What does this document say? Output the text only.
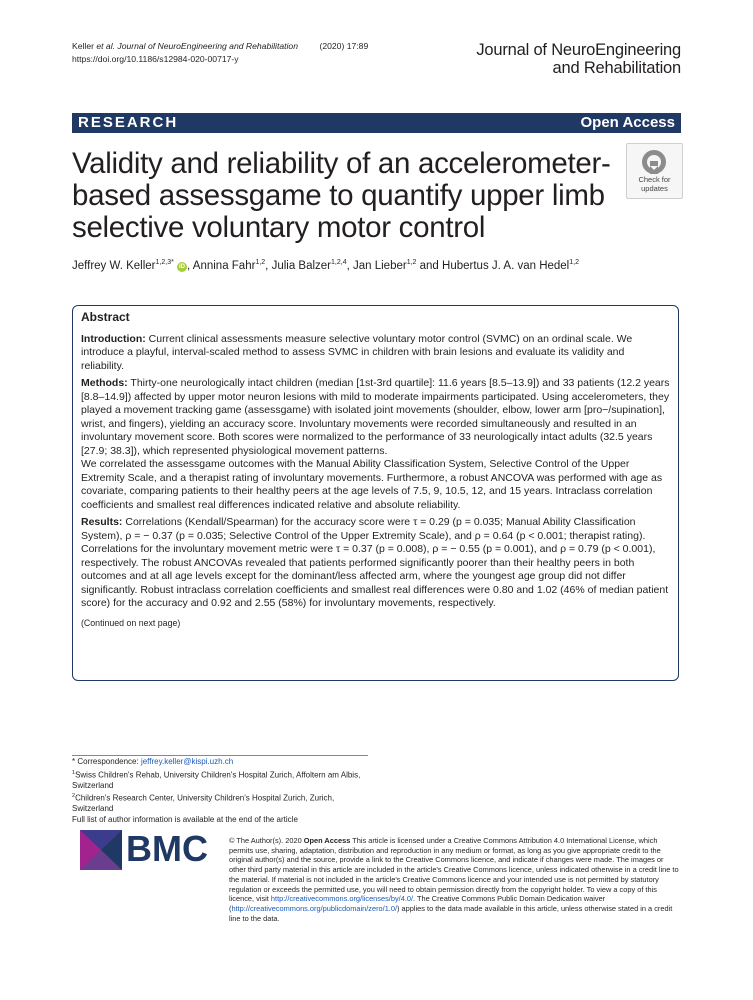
Keller et al. Journal of NeuroEngineering and Rehabilitation	(2020) 17:89
https://doi.org/10.1186/s12984-020-00717-y	Journal of NeuroEngineering
and Rehabilitation
RESEARCH	Open Access
Validity and reliability of an accelerometer-based assessgame to quantify upper limb selective voluntary motor control
Check for
updates
Jeffrey W. Keller$^{1,2,3*}$ iD , Annina Fahr$^{1,2}$, Julia Balzer$^{1,2,4}$, Jan Lieber$^{1,2}$ and Hubertus J. A. van Hedel$^{1,2}$
Abstract

Introduction: Current clinical assessments measure selective voluntary motor control (SVMC) on an ordinal scale. We introduce a playful, interval-scaled method to assess SVMC in children with brain lesions and evaluate its validity and reliability.

Methods: Thirty-one neurologically intact children (median [1st-3rd quartile]: 11.6 years [8.5–13.9]) and 33 patients (12.2 years [8.8–14.9]) affected by upper motor neuron lesions with mild to moderate impairments participated. Using accelerometers, they played a movement tracking game (assessgame) with isolated joint movements (shoulder, elbow, lower arm [pro−/supination], wrist, and fingers), yielding an accuracy score. Involuntary movements were recorded simultaneously and resulted in an involuntary movement score. Both scores were normalized to the performance of 33 neurologically intact adults (32.5 years [27.9; 38.3]), which represented physiological movement patterns.

We correlated the assessgame outcomes with the Manual Ability Classification System, Selective Control of the Upper Extremity Scale, and a therapist rating of involuntary movements. Furthermore, a robust ANCOVA was performed with age as covariate, comparing patients to their healthy peers at the age levels of 7.5, 9, 10.5, 12, and 15 years. Intraclass correlation coefficients and smallest real differences indicated relative and absolute reliability.

Results: Correlations (Kendall/Spearman) for the accuracy score were τ = 0.29 (p = 0.035; Manual Ability Classification System), ρ = − 0.37 (p = 0.035; Selective Control of the Upper Extremity Scale), and ρ = 0.64 (p < 0.001; therapist rating). Correlations for the involuntary movement metric were τ = 0.37 (p = 0.008), ρ = − 0.55 (p = 0.001), and ρ = 0.79 (p < 0.001), respectively. The robust ANCOVAs revealed that patients performed significantly poorer than their healthy peers in both outcomes and at all age levels except for the dominant/less affected arm, where the youngest age group did not differ significantly. Robust intraclass correlation coefficients and smallest real differences were 0.80 and 1.02 (46% of median patient score) for the accuracy and 0.92 and 2.55 (58%) for involuntary movements, respectively.

(Continued on next page)
* Correspondence: jeffrey.keller@kispi.uzh.ch
$^1$Swiss Children's Rehab, University Children's Hospital Zurich, Affoltern am Albis, Switzerland
$^2$Children's Research Center, University Children's Hospital Zurich, Zurich, Switzerland
Full list of author information is available at the end of the article
BMC	© The Author(s). 2020 Open Access This article is licensed under a Creative Commons Attribution 4.0 International License, which permits use, sharing, adaptation, distribution and reproduction in any medium or format, as long as you give appropriate credit to the original author(s) and the source, provide a link to the Creative Commons licence, and indicate if changes were made. The images or other third party material in this article are included in the article's Creative Commons licence, unless indicated otherwise in a credit line to the material. If material is not included in the article's Creative Commons licence and your intended use is not permitted by statutory regulation or exceeds the permitted use, you will need to obtain permission directly from the copyright holder. To view a copy of this licence, visit http://creativecommons.org/licenses/by/4.0/. The Creative Commons Public Domain Dedication waiver (http://creativecommons.org/publicdomain/zero/1.0/) applies to the data made available in this article, unless otherwise stated in a credit line to the data.
